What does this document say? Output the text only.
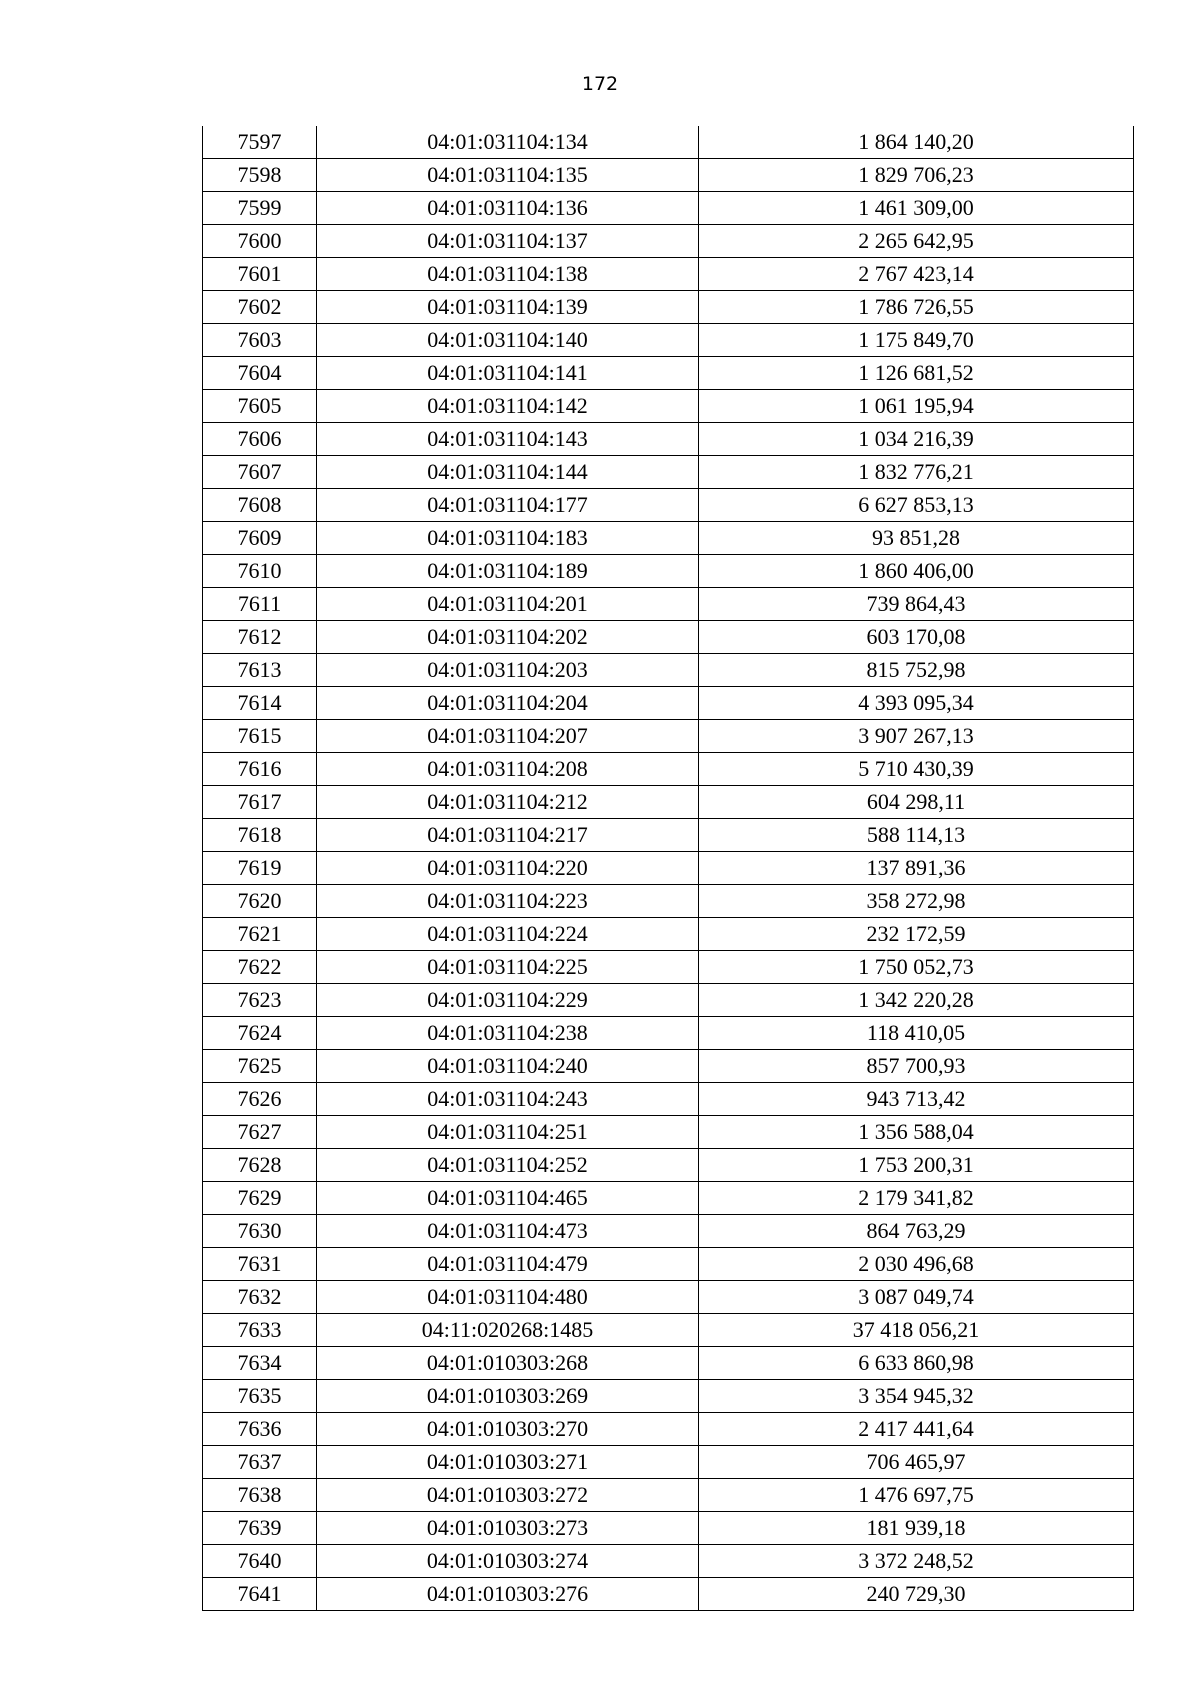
172
7597	04:01:031104:134	1 864 140,20
7598	04:01:031104:135	1 829 706,23
7599	04:01:031104:136	1 461 309,00
7600	04:01:031104:137	2 265 642,95
7601	04:01:031104:138	2 767 423,14
7602	04:01:031104:139	1 786 726,55
7603	04:01:031104:140	1 175 849,70
7604	04:01:031104:141	1 126 681,52
7605	04:01:031104:142	1 061 195,94
7606	04:01:031104:143	1 034 216,39
7607	04:01:031104:144	1 832 776,21
7608	04:01:031104:177	6 627 853,13
7609	04:01:031104:183	93 851,28
7610	04:01:031104:189	1 860 406,00
7611	04:01:031104:201	739 864,43
7612	04:01:031104:202	603 170,08
7613	04:01:031104:203	815 752,98
7614	04:01:031104:204	4 393 095,34
7615	04:01:031104:207	3 907 267,13
7616	04:01:031104:208	5 710 430,39
7617	04:01:031104:212	604 298,11
7618	04:01:031104:217	588 114,13
7619	04:01:031104:220	137 891,36
7620	04:01:031104:223	358 272,98
7621	04:01:031104:224	232 172,59
7622	04:01:031104:225	1 750 052,73
7623	04:01:031104:229	1 342 220,28
7624	04:01:031104:238	118 410,05
7625	04:01:031104:240	857 700,93
7626	04:01:031104:243	943 713,42
7627	04:01:031104:251	1 356 588,04
7628	04:01:031104:252	1 753 200,31
7629	04:01:031104:465	2 179 341,82
7630	04:01:031104:473	864 763,29
7631	04:01:031104:479	2 030 496,68
7632	04:01:031104:480	3 087 049,74
7633	04:11:020268:1485	37 418 056,21
7634	04:01:010303:268	6 633 860,98
7635	04:01:010303:269	3 354 945,32
7636	04:01:010303:270	2 417 441,64
7637	04:01:010303:271	706 465,97
7638	04:01:010303:272	1 476 697,75
7639	04:01:010303:273	181 939,18
7640	04:01:010303:274	3 372 248,52
7641	04:01:010303:276	240 729,30
